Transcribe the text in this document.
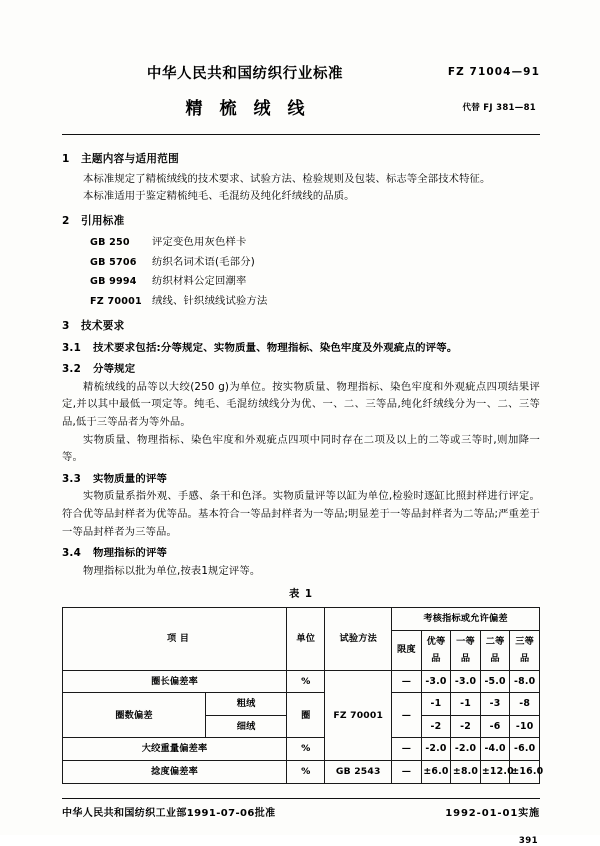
中华人民共和国纺织行业标准
精梳绒线
FZ 71004—91
代替 FJ 381—81
1 主题内容与适用范围

本标准规定了精梳绒线的技术要求、试验方法、检验规则及包装、标志等全部技术特征。

本标准适用于鉴定精梳纯毛、毛混纺及纯化纤绒线的品质。

2 引用标准
GB 250 评定变色用灰色样卡
GB 5706 纺织名词术语(毛部分)
GB 9994 纺织材料公定回潮率
FZ 70001 绒线、针织绒线试验方法
3 技术要求
3.1 技术要求包括:分等规定、实物质量、物理指标、染色牢度及外观疵点的评等。
3.2 分等规定

精梳绒线的品等以大绞(250 g)为单位。按实物质量、物理指标、染色牢度和外观疵点四项结果评定,并以其中最低一项定等。纯毛、毛混纺绒线分为优、一、二、三等品,纯化纤绒线分为一、二、三等品,低于三等品者为等外品。

实物质量、物理指标、染色牢度和外观疵点四项中同时存在二项及以上的二等或三等时,则加降一等。

3.3 实物质量的评等

实物质量系指外观、手感、条干和色泽。实物质量评等以缸为单位,检验时逐缸比照封样进行评定。符合优等品封样者为优等品。基本符合一等品封样者为一等品;明显差于一等品封样者为二等品;严重差于一等品封样者为三等品。

3.4 物理指标的评等

物理指标以批为单位,按表1规定评等。

表 1
项 目		单位	试验方法	考核指标或允许偏差				
				限度	优等品	一等品	二等品	三等品
圈长偏差率		%	FZ 70001	—	-3.0	-3.0	-5.0	-8.0
圈数偏差	粗绒	圈		—	-1	-1	-3	-8
	细绒				-2	-2	-6	-10
大绞重量偏差率		%		—	-2.0	-2.0	-4.0	-6.0
捻度偏差率		%	GB 2543	—	±6.0	±8.0	±12.0	±16.0
中华人民共和国纺织工业部1991-07-06批准	1992-01-01实施
391
